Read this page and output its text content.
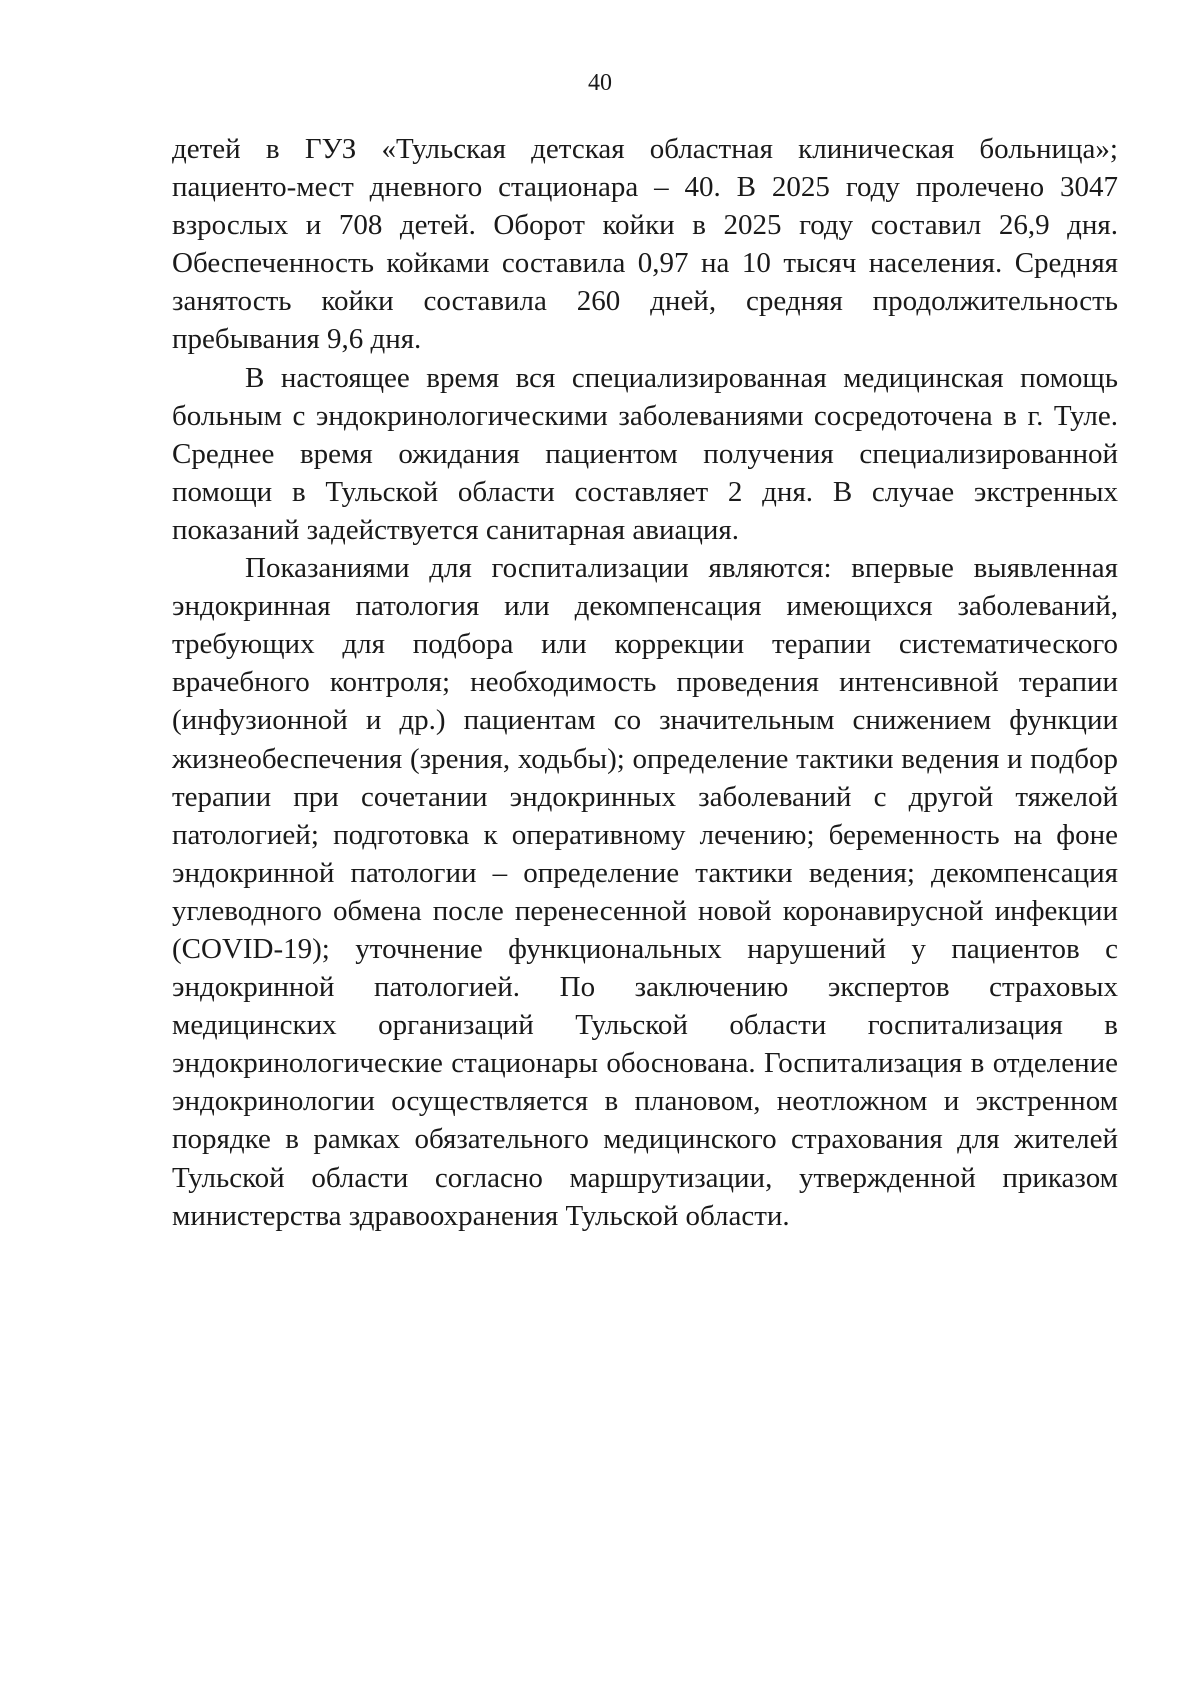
40

детей в ГУЗ «Тульская детская областная клиническая больница»; пациенто-мест дневного стационара – 40. В 2025 году пролечено 3047 взрослых и 708 детей. Оборот койки в 2025 году составил 26,9 дня. Обеспеченность койками составила 0,97 на 10 тысяч населения. Средняя занятость койки составила 260 дней, средняя продолжительность пребывания 9,6 дня.

В настоящее время вся специализированная медицинская помощь больным с эндокринологическими заболеваниями сосредоточена в г. Туле. Среднее время ожидания пациентом получения специализированной помощи в Тульской области составляет 2 дня. В случае экстренных показаний задействуется санитарная авиация.

Показаниями для госпитализации являются: впервые выявленная эндокринная патология или декомпенсация имеющихся заболеваний, требующих для подбора или коррекции терапии систематического врачебного контроля; необходимость проведения интенсивной терапии (инфузионной и др.) пациентам со значительным снижением функции жизнеобеспечения (зрения, ходьбы); определение тактики ведения и подбор терапии при сочетании эндокринных заболеваний с другой тяжелой патологией; подготовка к оперативному лечению; беременность на фоне эндокринной патологии – определение тактики ведения; декомпенсация углеводного обмена после перенесенной новой коронавирусной инфекции (COVID-19); уточнение функциональных нарушений у пациентов с эндокринной патологией. По заключению экспертов страховых медицинских организаций Тульской области госпитализация в эндокринологические стационары обоснована. Госпитализация в отделение эндокринологии осуществляется в плановом, неотложном и экстренном порядке в рамках обязательного медицинского страхования для жителей Тульской области согласно маршрутизации, утвержденной приказом министерства здравоохранения Тульской области.
